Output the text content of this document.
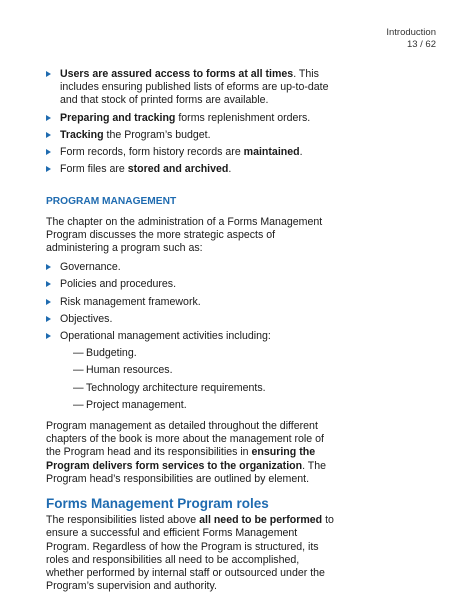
Introduction
13 / 62
Users are assured access to forms at all times. This includes ensuring published lists of eforms are up-to-date and that stock of printed forms are available.
Preparing and tracking forms replenishment orders.
Tracking the Program’s budget.
Form records, form history records are maintained.
Form files are stored and archived.
PROGRAM MANAGEMENT

The chapter on the administration of a Forms Management Program discusses the more strategic aspects of administering a program such as:

Governance.
Policies and procedures.
Risk management framework.
Objectives.
Operational management activities including:
— Budgeting.
— Human resources.
— Technology architecture requirements.
— Project management.

Program management as detailed throughout the different chapters of the book is more about the management role of the Program head and its responsibilities in ensuring the Program delivers form services to the organization. The Program head’s responsibilities are outlined by element.

Forms Management Program roles

The responsibilities listed above all need to be performed to ensure a successful and efficient Forms Management Program. Regardless of how the Program is structured, its roles and responsibilities all need to be accomplished, whether performed by internal staff or outsourced under the Program’s supervision and authority.
